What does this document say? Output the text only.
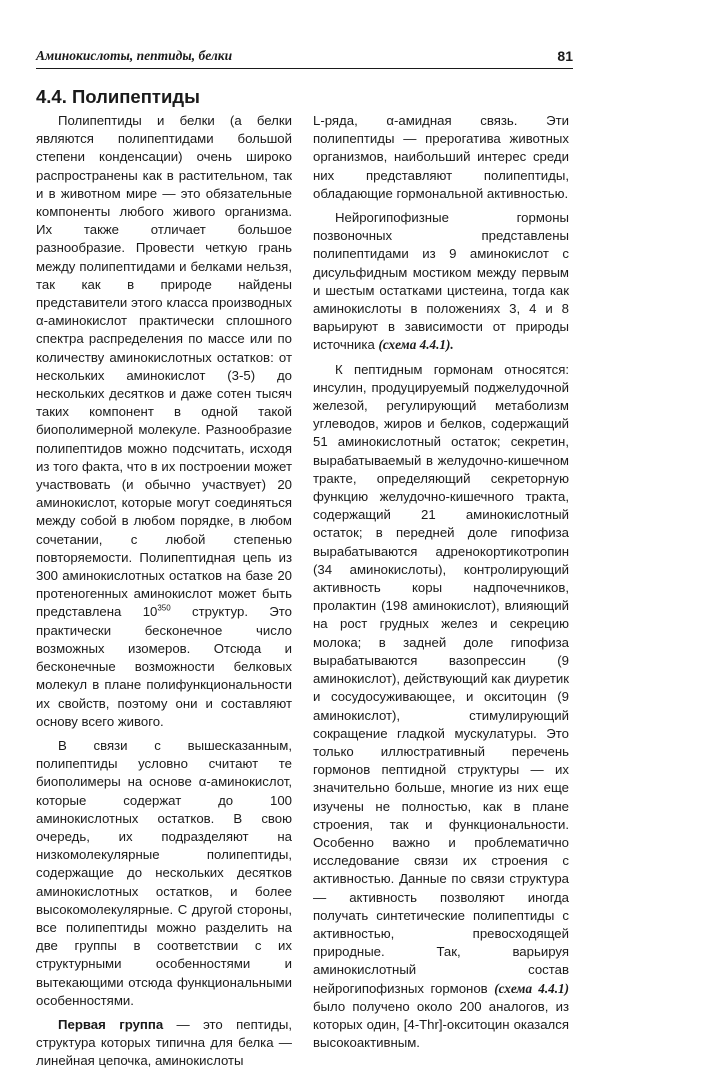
Аминокислоты, пептиды, белки	81
4.4. Полипептиды

Полипептиды и белки (а белки являются полипептидами большой степени конденсации) очень широко распространены как в растительном, так и в животном мире — это обязательные компоненты любого живого организма. Их также отличает большое разнообразие. Провести четкую грань между полипептидами и белками нельзя, так как в природе найдены представители этого класса производных α-аминокислот практически сплошного спектра распределения по массе или по количеству аминокислотных остатков: от нескольких аминокислот (3-5) до нескольких десятков и даже сотен тысяч таких компонент в одной такой биополимерной молекуле. Разнообразие полипептидов можно подсчитать, исходя из того факта, что в их построении может участвовать (и обычно участвует) 20 аминокислот, которые могут соединяться между собой в любом порядке, в любом сочетании, с любой степенью повторяемости. Полипептидная цепь из 300 аминокислотных остатков на базе 20 протеногенных аминокислот может быть представлена $10^{350}$ структур. Это практически бесконечное число возможных изомеров. Отсюда и бесконечные возможности белковых молекул в плане полифункциональности их свойств, поэтому они и составляют основу всего живого.

В связи с вышесказанным, полипептиды условно считают те биополимеры на основе α-аминокислот, которые содержат до 100 аминокислотных остатков. В свою очередь, их подразделяют на низкомолекулярные полипептиды, содержащие до нескольких десятков аминокислотных остатков, и более высокомолекулярные. С другой стороны, все полипептиды можно разделить на две группы в соответствии с их структурными особенностями и вытекающими отсюда функциональными особенностями.

Первая группа — это пептиды, структура которых типична для белка — линейная цепочка, аминокислоты

L-ряда, α-амидная связь. Эти полипептиды — прерогатива животных организмов, наибольший интерес среди них представляют полипептиды, обладающие гормональной активностью.

Нейрогипофизные гормоны позвоночных представлены полипептидами из 9 аминокислот с дисульфидным мостиком между первым и шестым остатками цистеина, тогда как аминокислоты в положениях 3, 4 и 8 варьируют в зависимости от природы источника (схема 4.4.1).

К пептидным гормонам относятся: инсулин, продуцируемый поджелудочной железой, регулирующий метаболизм углеводов, жиров и белков, содержащий 51 аминокислотный остаток; секретин, вырабатываемый в желудочно-кишечном тракте, определяющий секреторную функцию желудочно-кишечного тракта, содержащий 21 аминокислотный остаток; в передней доле гипофиза вырабатываются адренокортикотропин (34 аминокислоты), контролирующий активность коры надпочечников, пролактин (198 аминокислот), влияющий на рост грудных желез и секрецию молока; в задней доле гипофиза вырабатываются вазопрессин (9 аминокислот), действующий как диуретик и сосудосуживающее, и окситоцин (9 аминокислот), стимулирующий сокращение гладкой мускулатуры. Это только иллюстративный перечень гормонов пептидной структуры — их значительно больше, многие из них еще изучены не полностью, как в плане строения, так и функциональности. Особенно важно и проблематично исследование связи их строения с активностью. Данные по связи структура — активность позволяют иногда получать синтетические полипептиды с активностью, превосходящей природные. Так, варьируя аминокислотный состав нейрогипофизных гормонов (схема 4.4.1) было получено около 200 аналогов, из которых один, [4-Thr]-окситоцин оказался высокоактивным.
